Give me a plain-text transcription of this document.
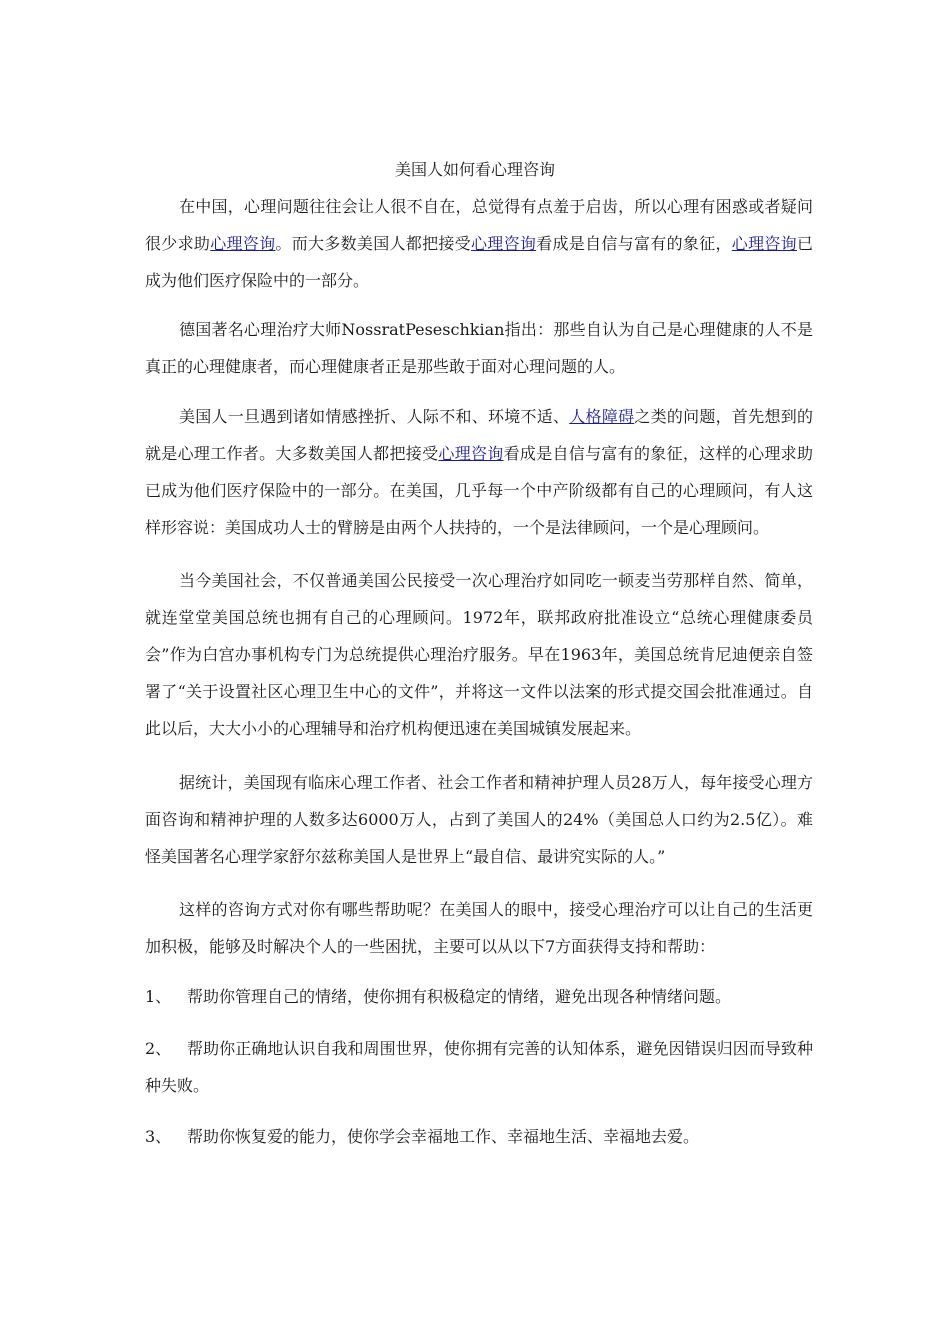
美国人如何看心理咨询
在中国，心理问题往往会让人很不自在，总觉得有点羞于启齿，所以心理有困惑或者疑问很少求助心理咨询。而大多数美国人都把接受心理咨询看成是自信与富有的象征，心理咨询已成为他们医疗保险中的一部分。
德国著名心理治疗大师NossratPeseschkian指出：那些自认为自己是心理健康的人不是真正的心理健康者，而心理健康者正是那些敢于面对心理问题的人。
美国人一旦遇到诸如情感挫折、人际不和、环境不适、人格障碍之类的问题，首先想到的就是心理工作者。大多数美国人都把接受心理咨询看成是自信与富有的象征，这样的心理求助已成为他们医疗保险中的一部分。在美国，几乎每一个中产阶级都有自己的心理顾问，有人这样形容说：美国成功人士的臂膀是由两个人扶持的，一个是法律顾问，一个是心理顾问。
当今美国社会，不仅普通美国公民接受一次心理治疗如同吃一顿麦当劳那样自然、简单，就连堂堂美国总统也拥有自己的心理顾问。1972年，联邦政府批准设立“总统心理健康委员会”作为白宫办事机构专门为总统提供心理治疗服务。早在1963年，美国总统肯尼迪便亲自签署了“关于设置社区心理卫生中心的文件”，并将这一文件以法案的形式提交国会批准通过。自此以后，大大小小的心理辅导和治疗机构便迅速在美国城镇发展起来。
据统计，美国现有临床心理工作者、社会工作者和精神护理人员28万人，每年接受心理方面咨询和精神护理的人数多达6000万人，占到了美国人的24%（美国总人口约为2.5亿）。难怪美国著名心理学家舒尔兹称美国人是世界上“最自信、最讲究实际的人。”
这样的咨询方式对你有哪些帮助呢？在美国人的眼中，接受心理治疗可以让自己的生活更加积极，能够及时解决个人的一些困扰，主要可以从以下7方面获得支持和帮助：
1、 帮助你管理自己的情绪，使你拥有积极稳定的情绪，避免出现各种情绪问题。
2、 帮助你正确地认识自我和周围世界，使你拥有完善的认知体系，避免因错误归因而导致种种失败。
3、 帮助你恢复爱的能力，使你学会幸福地工作、幸福地生活、幸福地去爱。
